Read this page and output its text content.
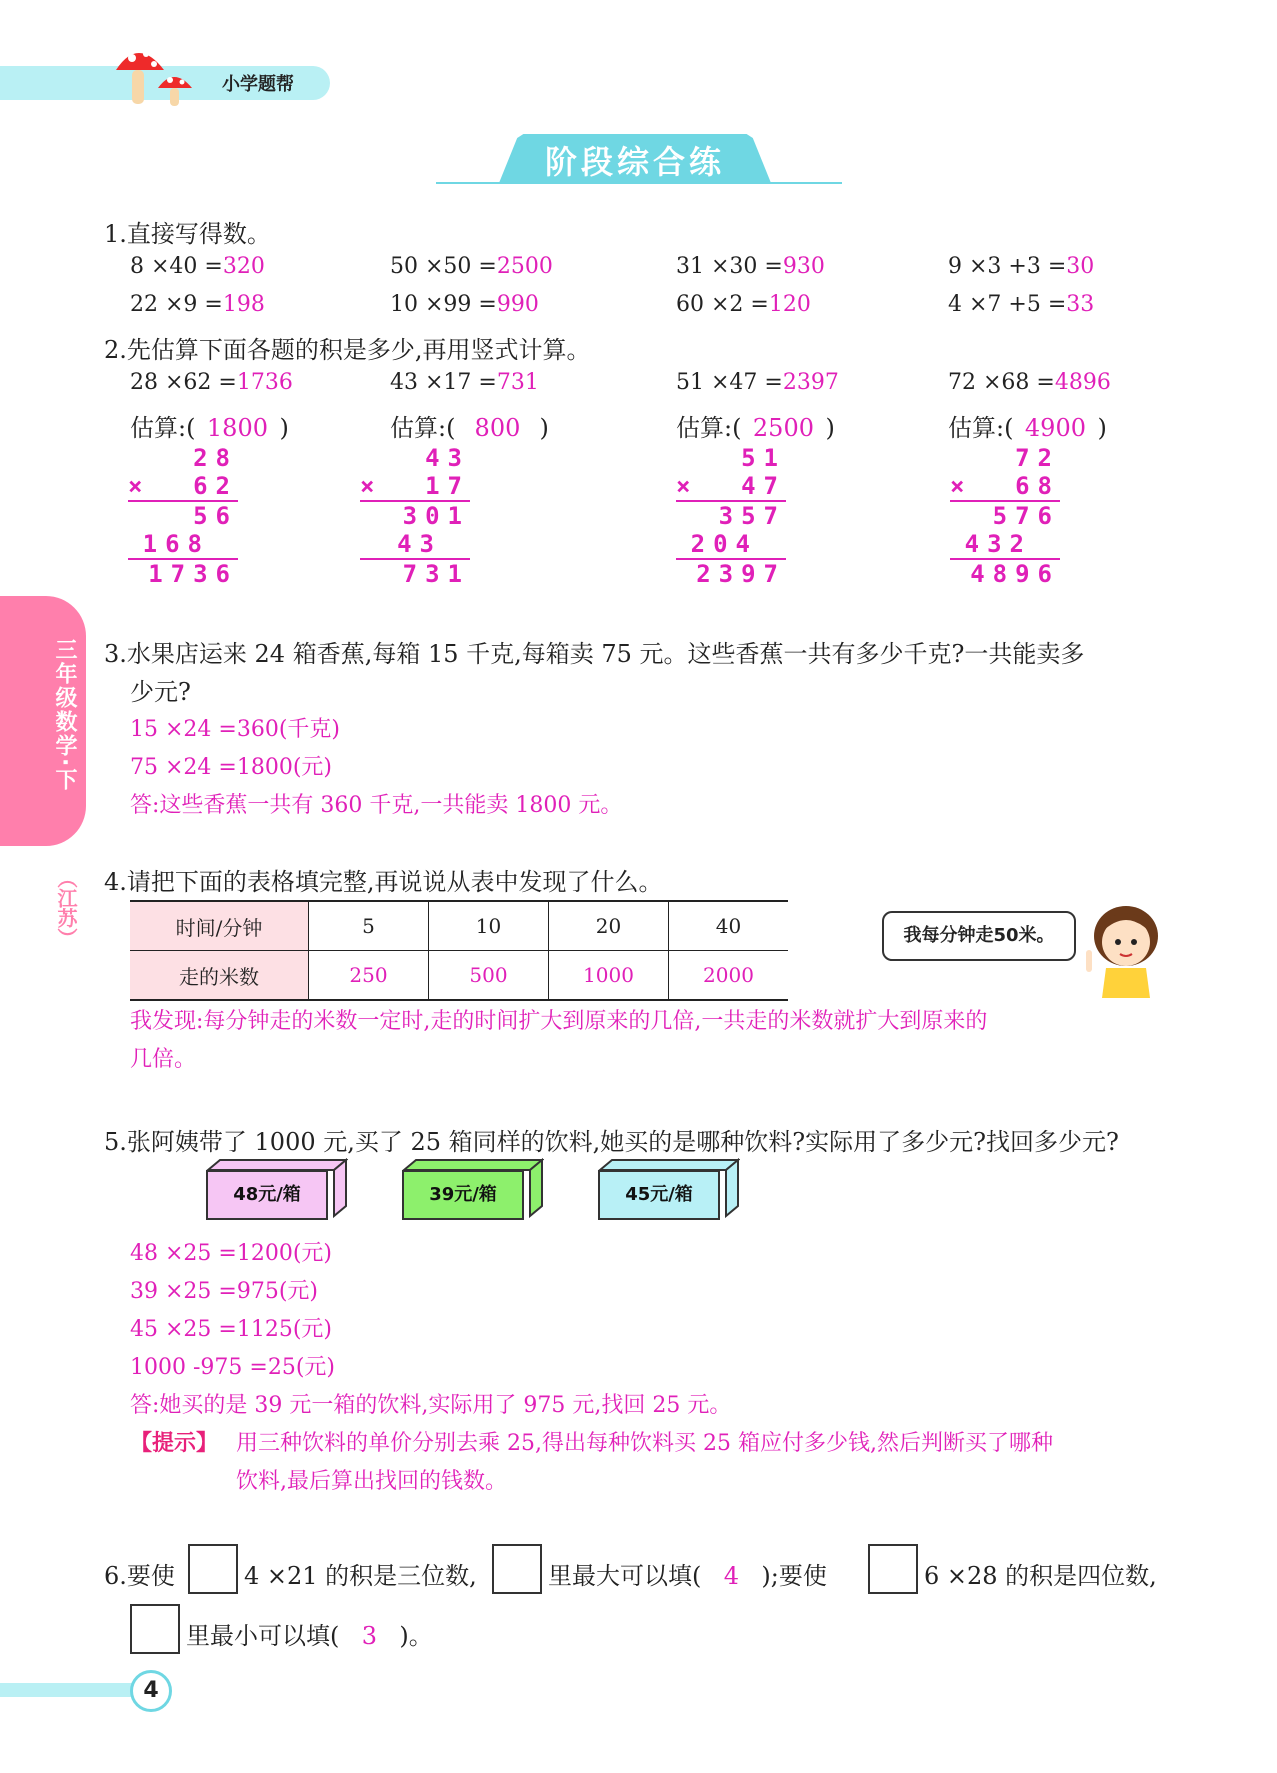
小学题帮
阶段综合练
三年级数学·下
（江苏）
1.直接写得数。
8 ×40 =320	50 ×50 =2500	31 ×30 =930	9 ×3 +3 =30
22 ×9 =198	10 ×99 =990	60 ×2 =120	4 ×7 +5 =33
2.先估算下面各题的积是多少,再用竖式计算。
28 ×62 =1736	43 ×17 =731	51 ×47 =2397	72 ×68 =4896
估算:( 1800 )	估算:( 800 )	估算:( 2500 )	估算:( 4900 )
28
× 62
56
168
1736
43
× 17
301
43
731
51
× 47
357
204
2397
72
× 68
576
432
4896
3.水果店运来 24 箱香蕉,每箱 15 千克,每箱卖 75 元。这些香蕉一共有多少千克?一共能卖多
少元?
15 ×24 =360(千克)
75 ×24 =1800(元)
答:这些香蕉一共有 360 千克,一共能卖 1800 元。
4.请把下面的表格填完整,再说说从表中发现了什么。
时间/分钟	5	10	20	40
走的米数	250	500	1000	2000
我每分钟走50米。
我发现:每分钟走的米数一定时,走的时间扩大到原来的几倍,一共走的米数就扩大到原来的
几倍。
5.张阿姨带了 1000 元,买了 25 箱同样的饮料,她买的是哪种饮料?实际用了多少元?找回多少元?
48元/箱	39元/箱	45元/箱
48 ×25 =1200(元)
39 ×25 =975(元)
45 ×25 =1125(元)
1000 -975 =25(元)
答:她买的是 39 元一箱的饮料,实际用了 975 元,找回 25 元。
【提示】 用三种饮料的单价分别去乘 25,得出每种饮料买 25 箱应付多少钱,然后判断买了哪种
饮料,最后算出找回的钱数。
6.要使	4 ×21 的积是三位数,	里最大可以填( 4 );要使	6 ×28 的积是四位数,
里最小可以填( 3 )。
4
